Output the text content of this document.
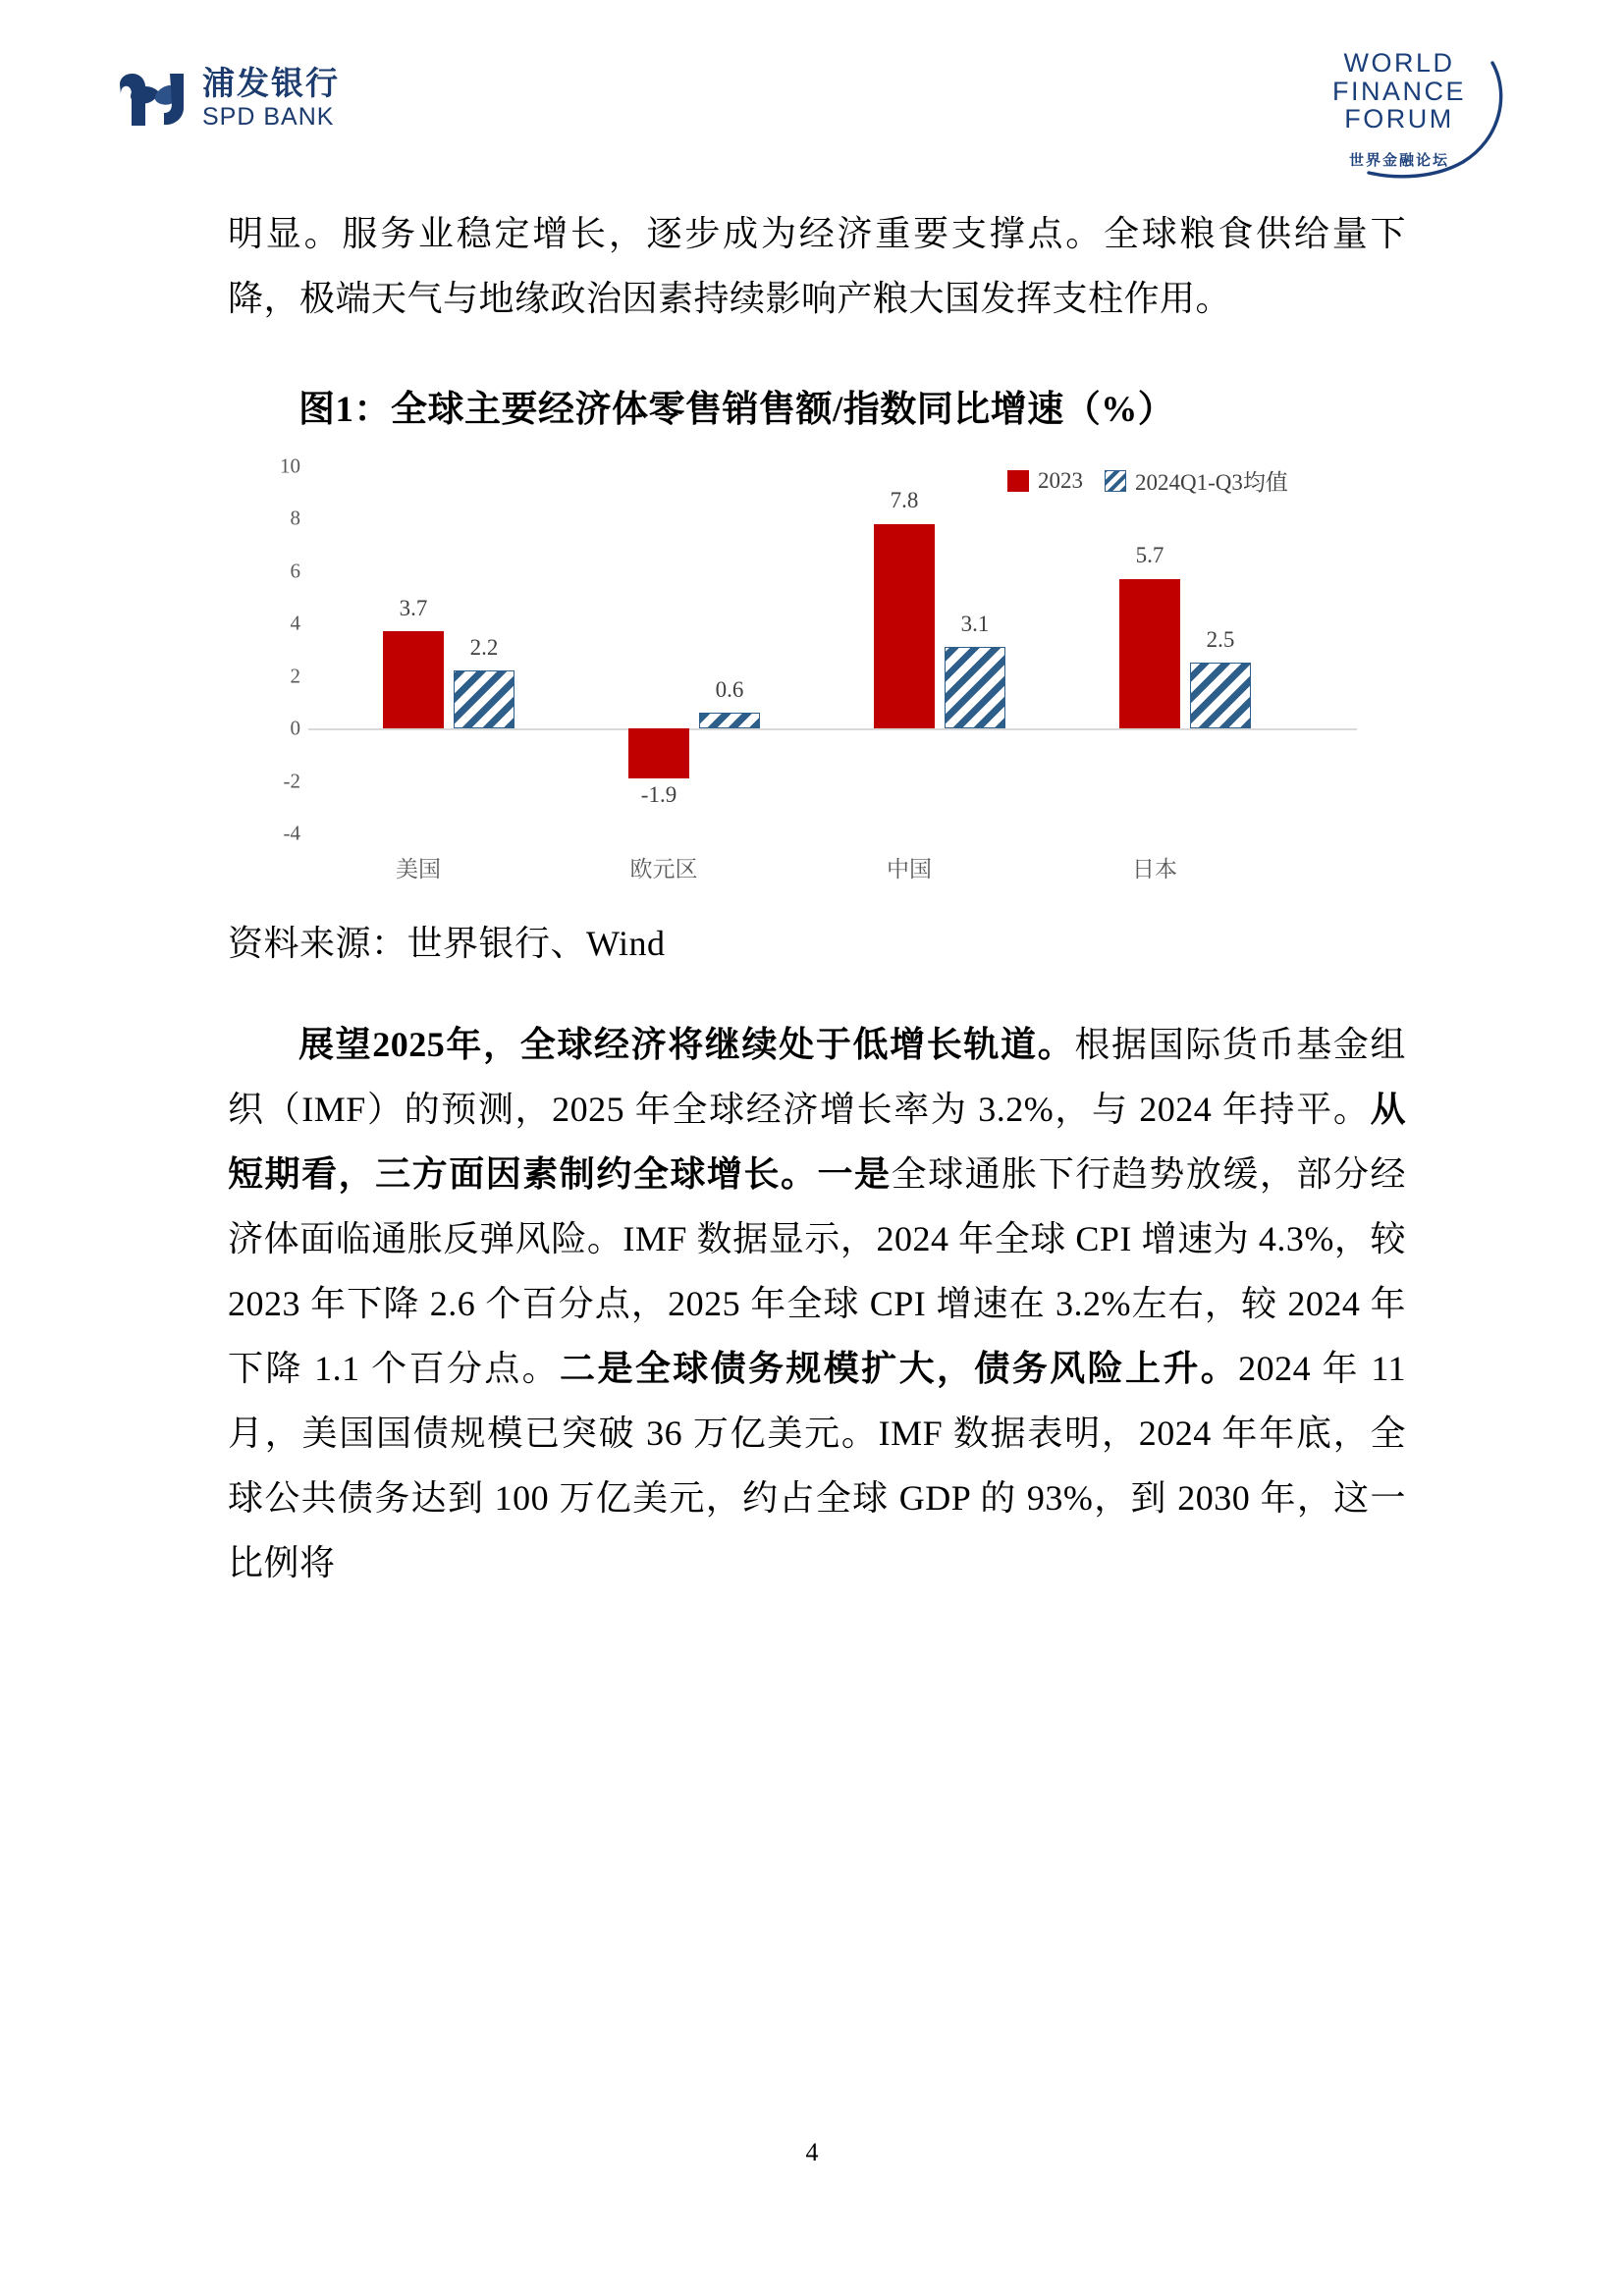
浦发银行
SPD BANK
WORLD
FINANCE
FORUM
世界金融论坛

明显。服务业稳定增长，逐步成为经济重要支撑点。全球粮食供给量下降，极端天气与地缘政治因素持续影响产粮大国发挥支柱作用。

图1：全球主要经济体零售销售额/指数同比增速（%）
10
8
6
4
2
0
-2
-4
2023 2024Q1-Q3均值
3.7
2.2
美国
-1.9
0.6
欧元区
7.8
3.1
中国
5.7
2.5
日本

资料来源：世界银行、Wind

展望2025年，全球经济将继续处于低增长轨道。根据国际货币基金组织（IMF）的预测，2025 年全球经济增长率为 3.2%，与 2024 年持平。从短期看，三方面因素制约全球增长。一是全球通胀下行趋势放缓，部分经济体面临通胀反弹风险。IMF 数据显示，2024 年全球 CPI 增速为 4.3%，较 2023 年下降 2.6 个百分点，2025 年全球 CPI 增速在 3.2%左右，较 2024 年下降 1.1 个百分点。二是全球债务规模扩大，债务风险上升。2024 年 11 月，美国国债规模已突破 36 万亿美元。IMF 数据表明，2024 年年底，全球公共债务达到 100 万亿美元，约占全球 GDP 的 93%，到 2030 年，这一比例将

4
